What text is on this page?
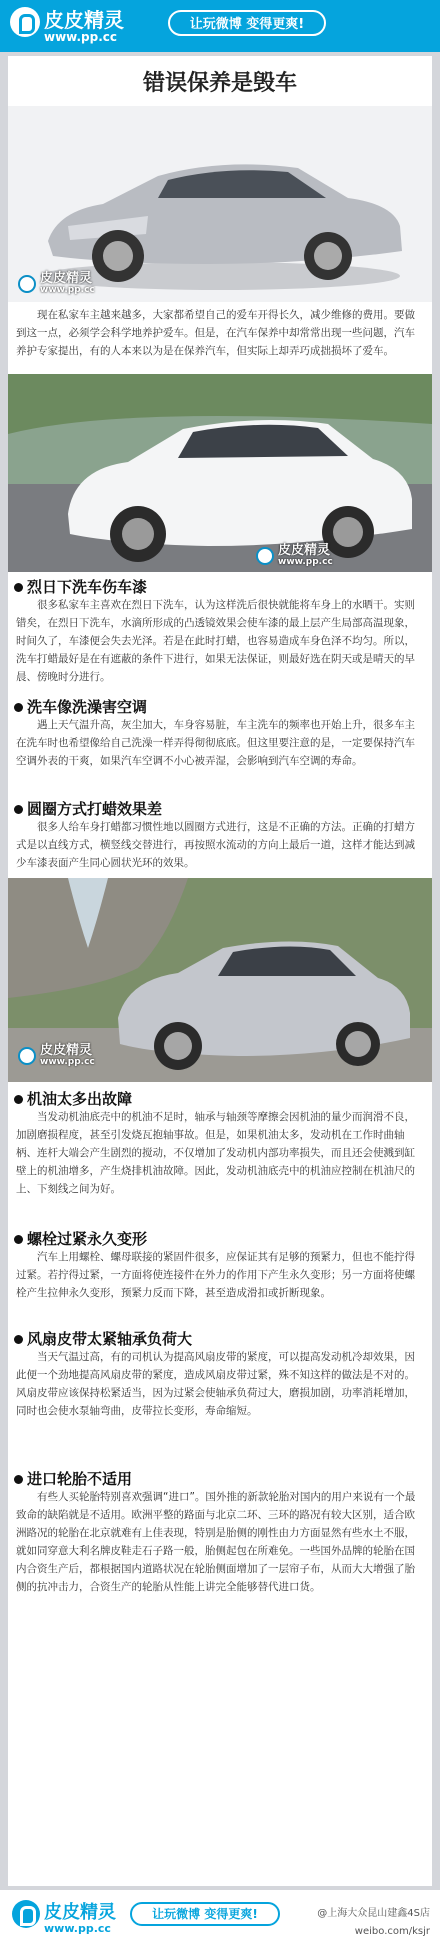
皮皮精灵
www.pp.cc
让玩微博 变得更爽!
错误保养是毁车
皮皮精灵
www.pp.cc
现在私家车主越来越多，大家都希望自己的爱车开得长久，减少维修的费用。要做到这一点，必须学会科学地养护爱车。但是，在汽车保养中却常常出现一些问题，汽车养护专家提出，有的人本来以为是在保养汽车，但实际上却弄巧成拙损坏了爱车。
皮皮精灵
www.pp.cc
烈日下洗车伤车漆
很多私家车主喜欢在烈日下洗车，认为这样洗后很快就能将车身上的水晒干。实则错矣，在烈日下洗车，水滴所形成的凸透镜效果会使车漆的最上层产生局部高温现象，时间久了，车漆便会失去光泽。若是在此时打蜡，也容易造成车身色泽不均匀。所以，洗车打蜡最好是在有遮蔽的条件下进行，如果无法保证，则最好选在阴天或是晴天的早晨、傍晚时分进行。
洗车像洗澡害空调
遇上天气温升高，灰尘加大，车身容易脏，车主洗车的频率也开始上升，很多车主在洗车时也希望像给自己洗澡一样弄得彻彻底底。但这里要注意的是，一定要保持汽车空调外表的干爽，如果汽车空调不小心被弄湿，会影响到汽车空调的寿命。
圆圈方式打蜡效果差
很多人给车身打蜡都习惯性地以圆圈方式进行，这是不正确的方法。正确的打蜡方式是以直线方式，横竖线交替进行，再按照水流动的方向上最后一道，这样才能达到减少车漆表面产生同心圆状光环的效果。
皮皮精灵
www.pp.cc
机油太多出故障
当发动机油底壳中的机油不足时，轴承与轴颈等摩擦会因机油的量少而润滑不良，加剧磨损程度，甚至引发烧瓦抱轴事故。但是，如果机油太多，发动机在工作时曲轴柄、连杆大端会产生剧烈的搅动，不仅增加了发动机内部功率损失，而且还会使溅到缸壁上的机油增多，产生烧排机油故障。因此，发动机油底壳中的机油应控制在机油尺的上、下刻线之间为好。
螺栓过紧永久变形
汽车上用螺栓、螺母联接的紧固件很多，应保证其有足够的预紧力，但也不能拧得过紧。若拧得过紧，一方面将使连接件在外力的作用下产生永久变形；另一方面将使螺栓产生拉伸永久变形，预紧力反而下降，甚至造成滑扣或折断现象。
风扇皮带太紧轴承负荷大
当天气温过高，有的司机认为提高风扇皮带的紧度，可以提高发动机冷却效果，因此便一个劲地提高风扇皮带的紧度，造成风扇皮带过紧，殊不知这样的做法是不对的。风扇皮带应该保持松紧适当，因为过紧会使轴承负荷过大，磨损加剧，功率消耗增加，同时也会使水泵轴弯曲，皮带拉长变形，寿命缩短。
进口轮胎不适用
有些人买轮胎特别喜欢强调“进口”。国外推的新款轮胎对国内的用户来说有一个最致命的缺陷就是不适用。欧洲平整的路面与北京二环、三环的路况有较大区别，适合欧洲路况的轮胎在北京就难有上佳表现，特别是胎侧的刚性由力方面显然有些水土不服，就如同穿意大利名牌皮鞋走石子路一般，胎侧起包在所难免。一些国外品牌的轮胎在国内合资生产后，都根据国内道路状况在轮胎侧面增加了一层帘子布，从而大大增强了胎侧的抗冲击力，合资生产的轮胎从性能上讲完全能够替代进口货。
皮皮精灵
www.pp.cc
让玩微博 变得更爽!	@上海大众昆山建鑫4S店
weibo.com/ksjr
